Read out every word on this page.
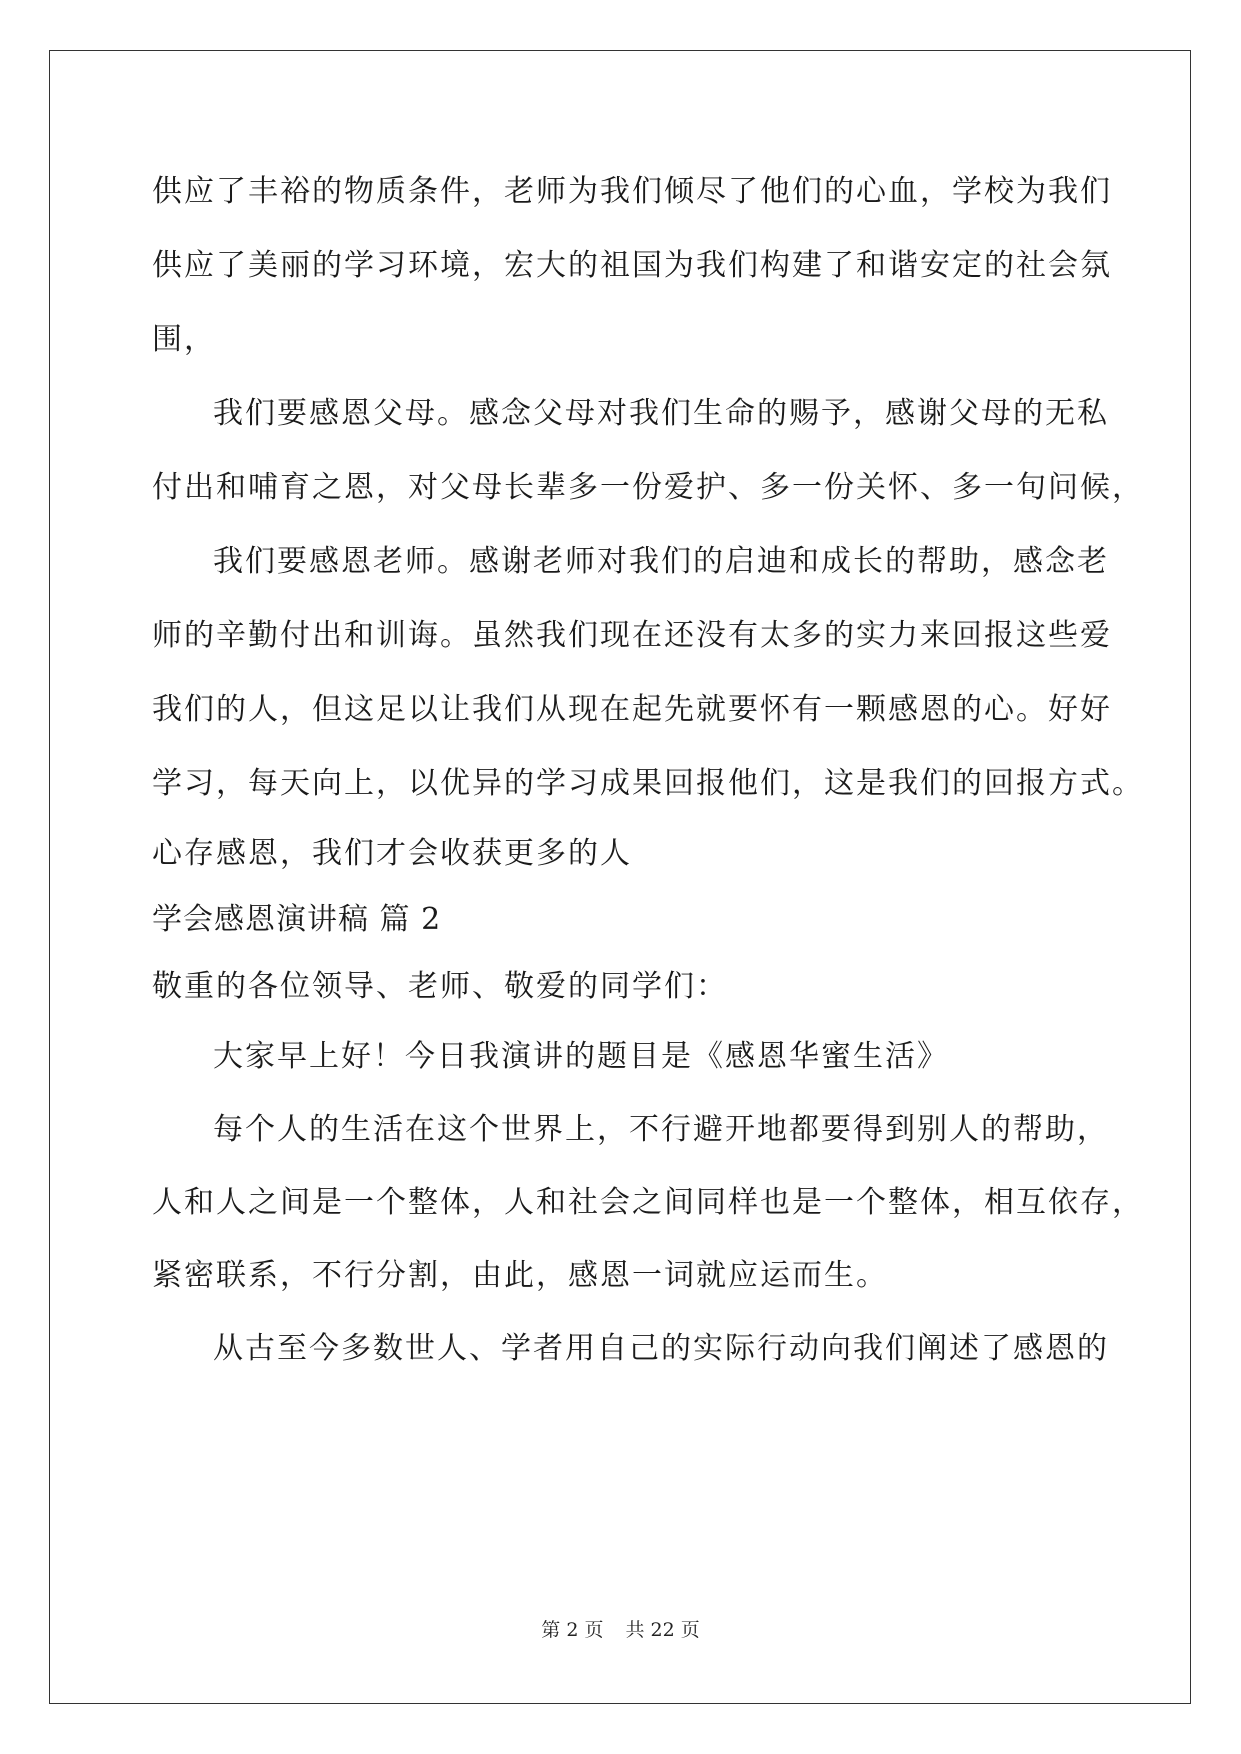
供应了丰裕的物质条件，老师为我们倾尽了他们的心血，学校为我们
供应了美丽的学习环境，宏大的祖国为我们构建了和谐安定的社会氛
围，
我们要感恩父母。感念父母对我们生命的赐予，感谢父母的无私
付出和哺育之恩，对父母长辈多一份爱护、多一份关怀、多一句问候，
我们要感恩老师。感谢老师对我们的启迪和成长的帮助，感念老
师的辛勤付出和训诲。虽然我们现在还没有太多的实力来回报这些爱
我们的人，但这足以让我们从现在起先就要怀有一颗感恩的心。好好
学习，每天向上，以优异的学习成果回报他们，这是我们的回报方式。
心存感恩，我们才会收获更多的人
学会感恩演讲稿 篇 2
敬重的各位领导、老师、敬爱的同学们：
大家早上好！今日我演讲的题目是《感恩华蜜生活》
每个人的生活在这个世界上，不行避开地都要得到别人的帮助，
人和人之间是一个整体，人和社会之间同样也是一个整体，相互依存，
紧密联系，不行分割，由此，感恩一词就应运而生。
从古至今多数世人、学者用自己的实际行动向我们阐述了感恩的
第 2 页 共 22 页
